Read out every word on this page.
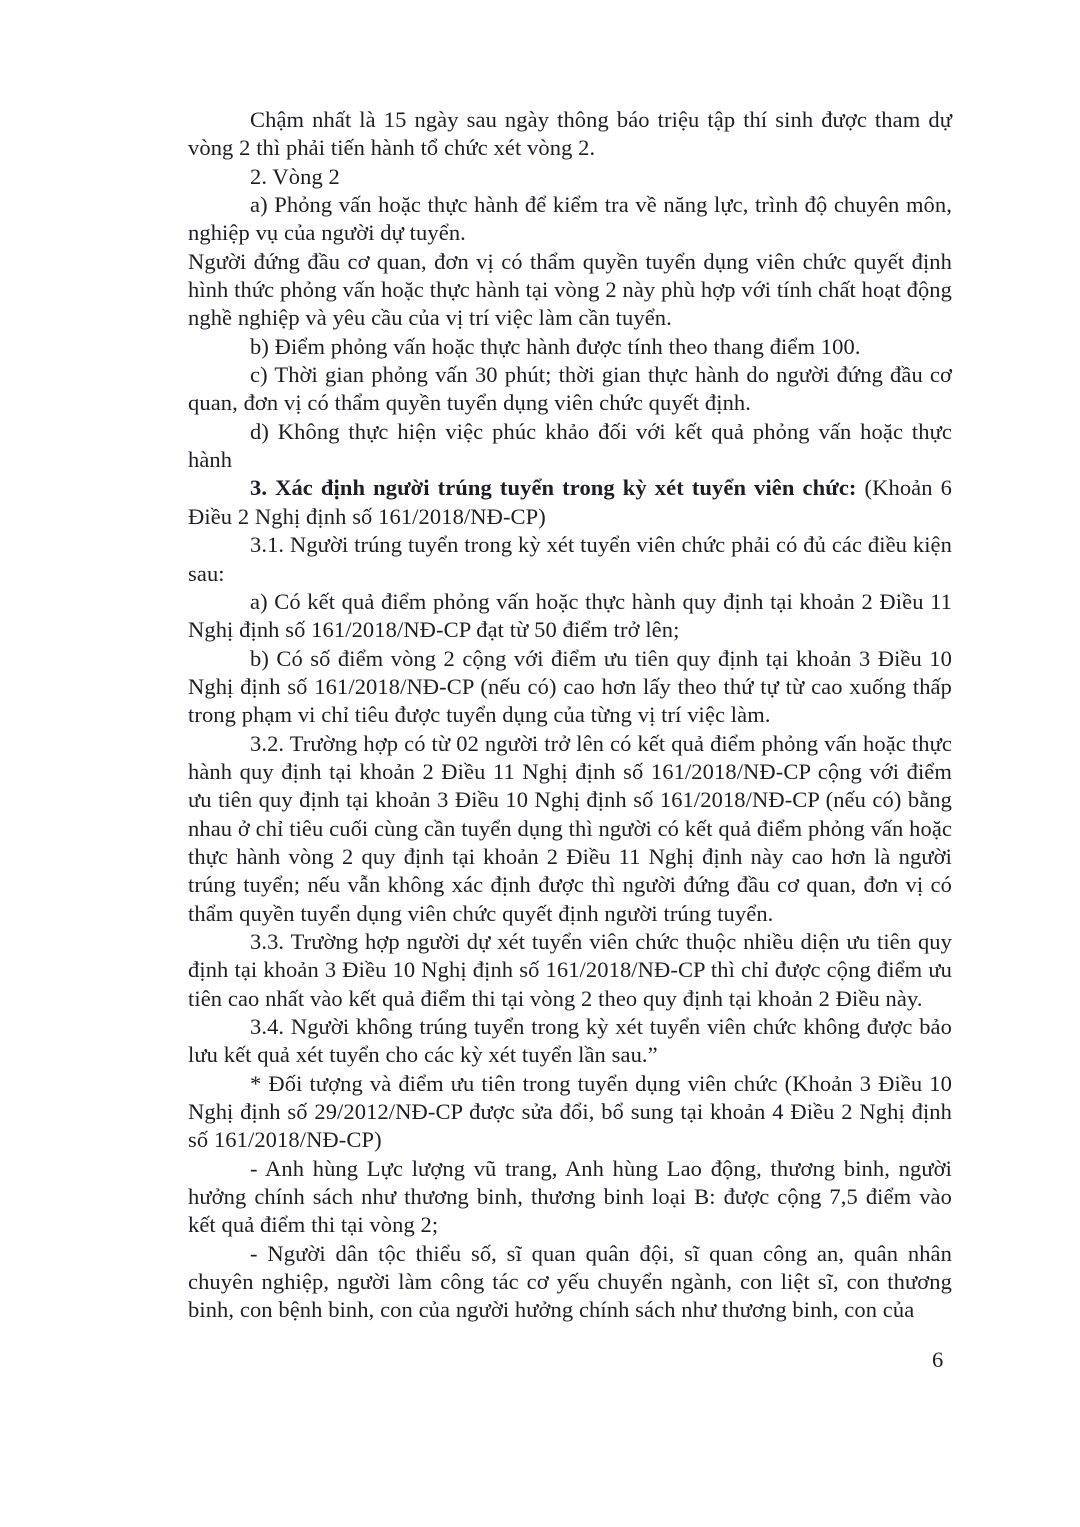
Chậm nhất là 15 ngày sau ngày thông báo triệu tập thí sinh được tham dự vòng 2 thì phải tiến hành tổ chức xét vòng 2.

2. Vòng 2

a) Phỏng vấn hoặc thực hành để kiểm tra về năng lực, trình độ chuyên môn, nghiệp vụ của người dự tuyển.

Người đứng đầu cơ quan, đơn vị có thẩm quyền tuyển dụng viên chức quyết định hình thức phỏng vấn hoặc thực hành tại vòng 2 này phù hợp với tính chất hoạt động nghề nghiệp và yêu cầu của vị trí việc làm cần tuyển.

b) Điểm phỏng vấn hoặc thực hành được tính theo thang điểm 100.

c) Thời gian phỏng vấn 30 phút; thời gian thực hành do người đứng đầu cơ quan, đơn vị có thẩm quyền tuyển dụng viên chức quyết định.

d) Không thực hiện việc phúc khảo đối với kết quả phỏng vấn hoặc thực hành

3. Xác định người trúng tuyển trong kỳ xét tuyển viên chức: (Khoản 6 Điều 2 Nghị định số 161/2018/NĐ-CP)

3.1. Người trúng tuyển trong kỳ xét tuyển viên chức phải có đủ các điều kiện sau:

a) Có kết quả điểm phỏng vấn hoặc thực hành quy định tại khoản 2 Điều 11 Nghị định số 161/2018/NĐ-CP đạt từ 50 điểm trở lên;

b) Có số điểm vòng 2 cộng với điểm ưu tiên quy định tại khoản 3 Điều 10 Nghị định số 161/2018/NĐ-CP (nếu có) cao hơn lấy theo thứ tự từ cao xuống thấp trong phạm vi chỉ tiêu được tuyển dụng của từng vị trí việc làm.

3.2. Trường hợp có từ 02 người trở lên có kết quả điểm phỏng vấn hoặc thực hành quy định tại khoản 2 Điều 11 Nghị định số 161/2018/NĐ-CP cộng với điểm ưu tiên quy định tại khoản 3 Điều 10 Nghị định số 161/2018/NĐ-CP (nếu có) bằng nhau ở chỉ tiêu cuối cùng cần tuyển dụng thì người có kết quả điểm phỏng vấn hoặc thực hành vòng 2 quy định tại khoản 2 Điều 11 Nghị định này cao hơn là người trúng tuyển; nếu vẫn không xác định được thì người đứng đầu cơ quan, đơn vị có thẩm quyền tuyển dụng viên chức quyết định người trúng tuyển.

3.3. Trường hợp người dự xét tuyển viên chức thuộc nhiều diện ưu tiên quy định tại khoản 3 Điều 10 Nghị định số 161/2018/NĐ-CP thì chỉ được cộng điểm ưu tiên cao nhất vào kết quả điểm thi tại vòng 2 theo quy định tại khoản 2 Điều này.

3.4. Người không trúng tuyển trong kỳ xét tuyển viên chức không được bảo lưu kết quả xét tuyển cho các kỳ xét tuyển lần sau.”

* Đối tượng và điểm ưu tiên trong tuyển dụng viên chức (Khoản 3 Điều 10 Nghị định số 29/2012/NĐ-CP được sửa đổi, bổ sung tại khoản 4 Điều 2 Nghị định số 161/2018/NĐ-CP)

- Anh hùng Lực lượng vũ trang, Anh hùng Lao động, thương binh, người hưởng chính sách như thương binh, thương binh loại B: được cộng 7,5 điểm vào kết quả điểm thi tại vòng 2;

- Người dân tộc thiểu số, sĩ quan quân đội, sĩ quan công an, quân nhân chuyên nghiệp, người làm công tác cơ yếu chuyển ngành, con liệt sĩ, con thương binh, con bệnh binh, con của người hưởng chính sách như thương binh, con của

6
